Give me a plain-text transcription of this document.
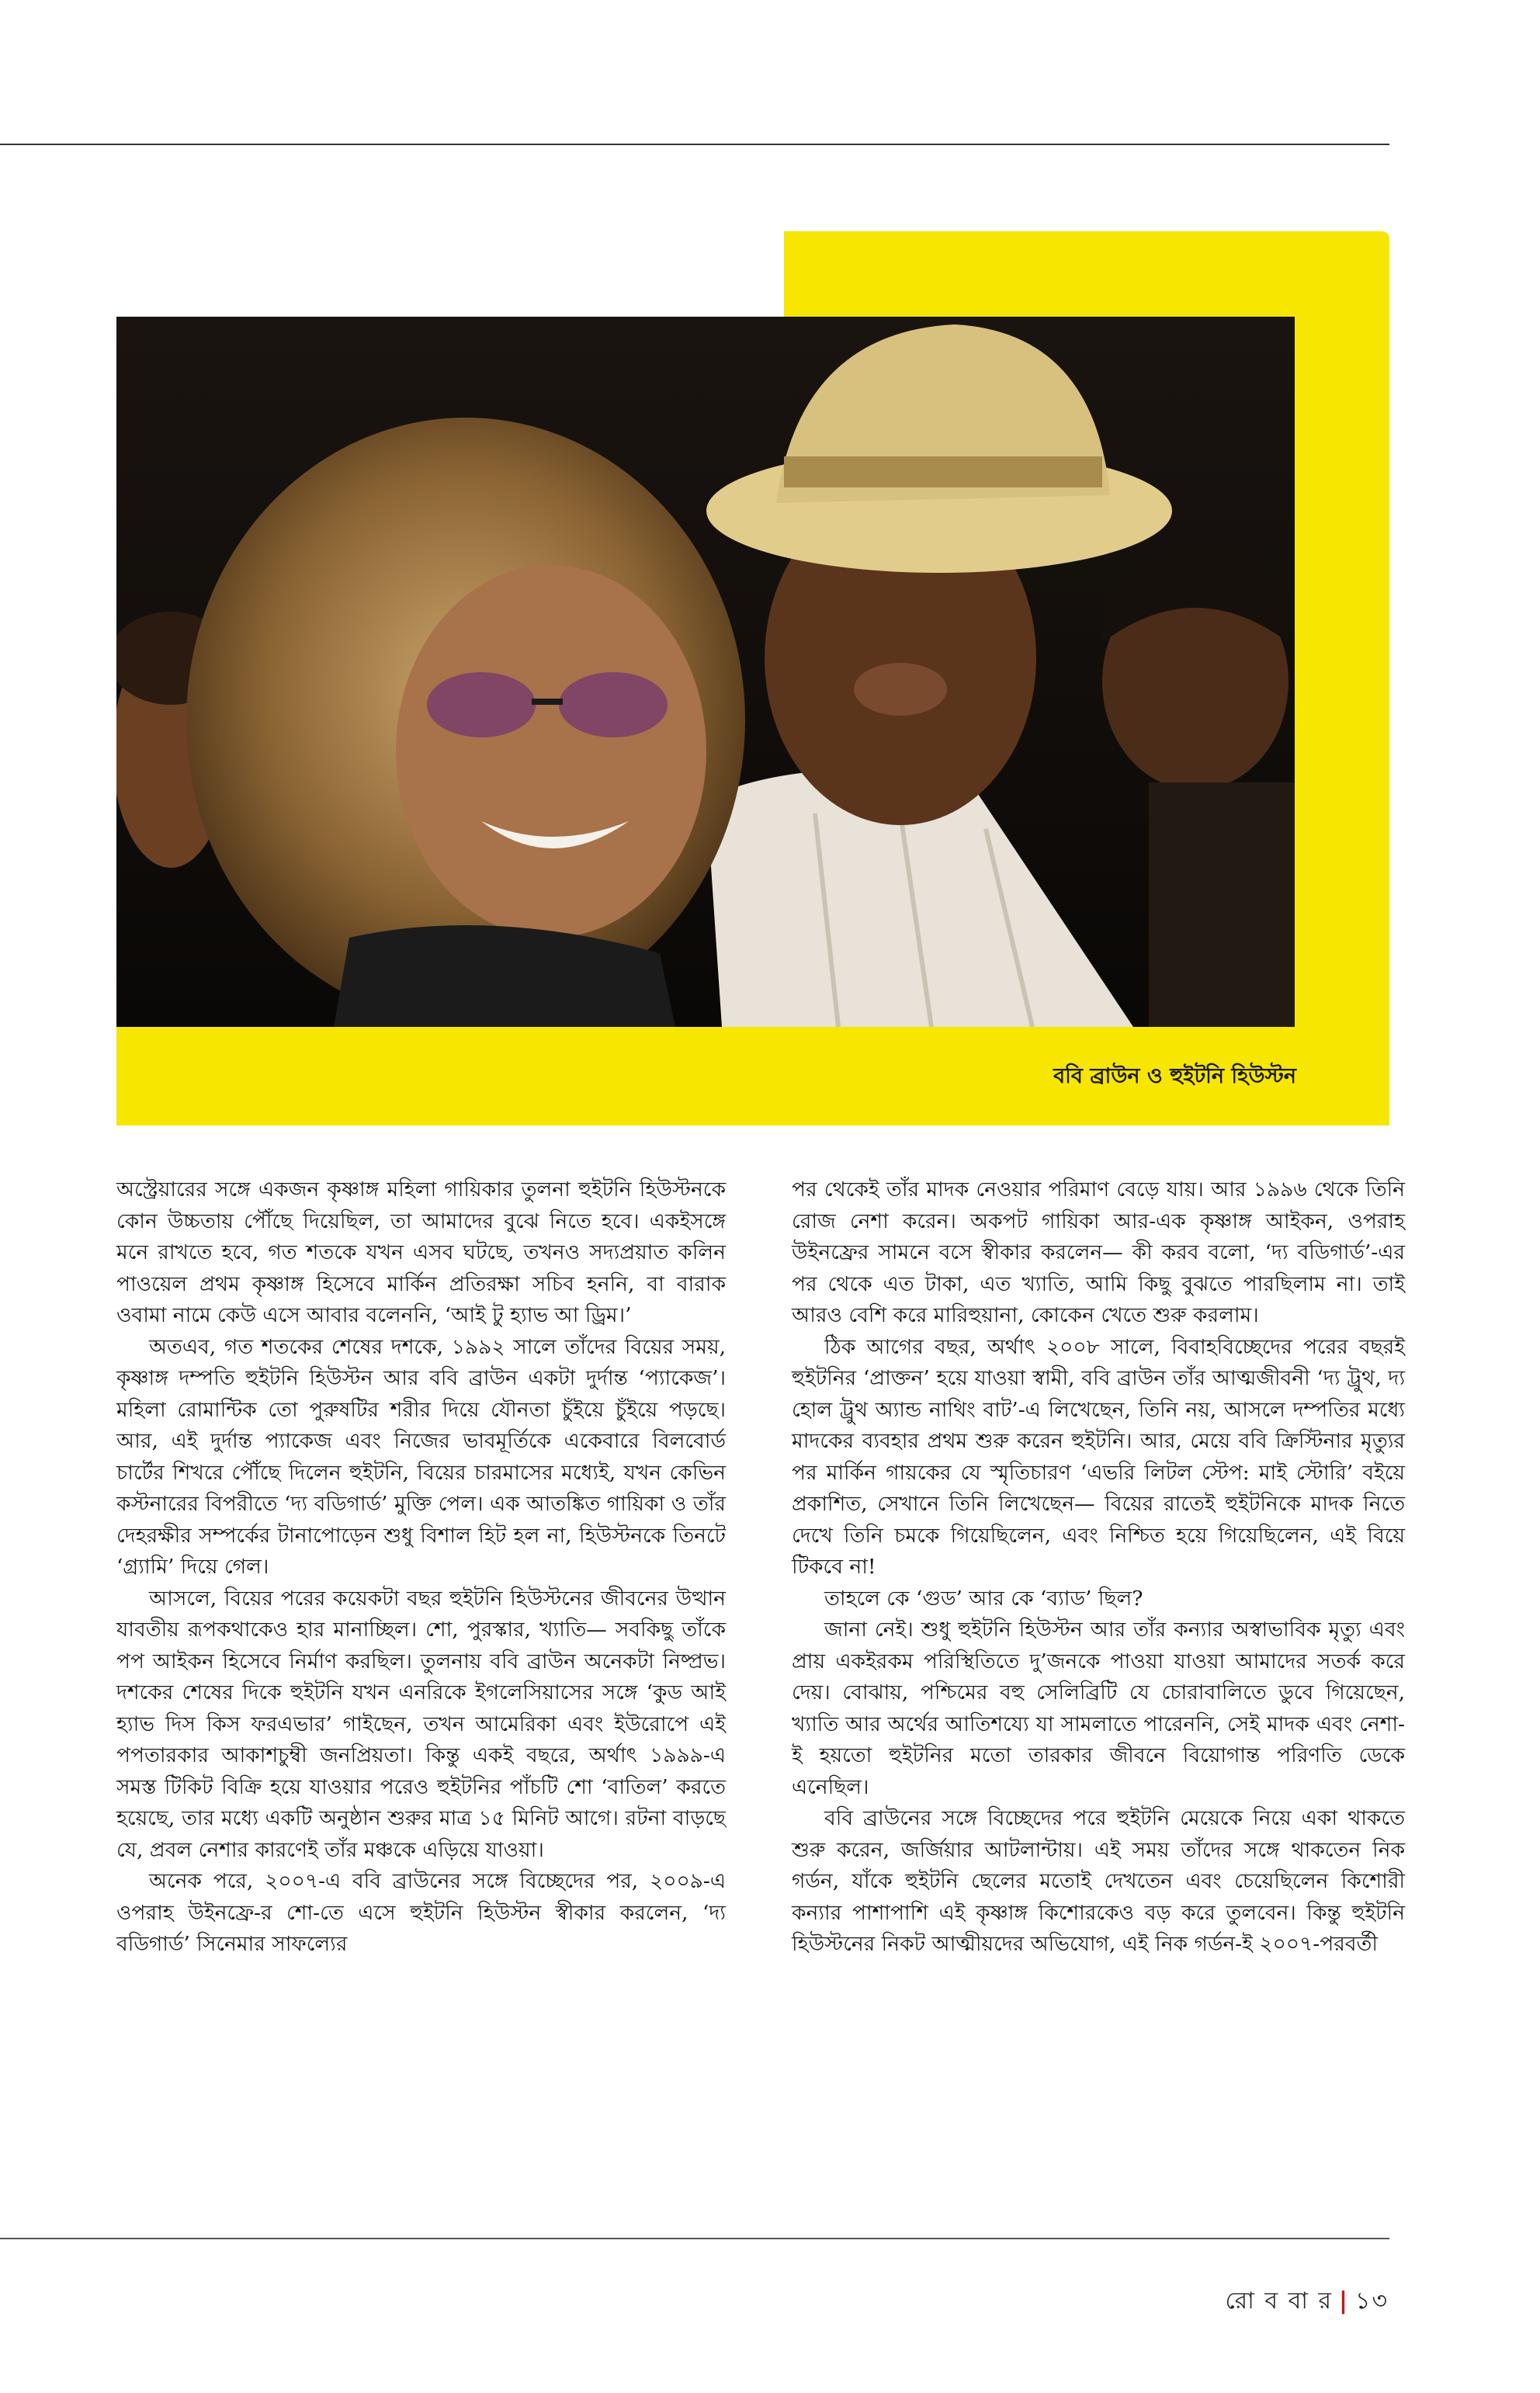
ববি ব্রাউন ও হুইটনি হিউস্টন

অস্ট্রেয়ারের সঙ্গে একজন কৃষ্ণাঙ্গ মহিলা গায়িকার তুলনা হুইটনি হিউস্টনকে কোন উচ্চতায় পৌঁছে দিয়েছিল, তা আমাদের বুঝে নিতে হবে। একইসঙ্গে মনে রাখতে হবে, গত শতকে যখন এসব ঘটছে, তখনও সদ্যপ্রয়াত কলিন পাওয়েল প্রথম কৃষ্ণাঙ্গ হিসেবে মার্কিন প্রতিরক্ষা সচিব হননি, বা বারাক ওবামা নামে কেউ এসে আবার বলেননি, ‘আই টু হ্যাভ আ ড্রিম।’

অতএব, গত শতকের শেষের দশকে, ১৯৯২ সালে তাঁদের বিয়ের সময়, কৃষ্ণাঙ্গ দম্পতি হুইটনি হিউস্টন আর ববি ব্রাউন একটা দুর্দান্ত ‘প্যাকেজ’। মহিলা রোমান্টিক তো পুরুষটির শরীর দিয়ে যৌনতা চুঁইয়ে চুঁইয়ে পড়ছে। আর, এই দুর্দান্ত প্যাকেজ এবং নিজের ভাবমূর্তিকে একেবারে বিলবোর্ড চার্টের শিখরে পৌঁছে দিলেন হুইটনি, বিয়ের চারমাসের মধ্যেই, যখন কেভিন কস্টনারের বিপরীতে ‘দ্য বডিগার্ড’ মুক্তি পেল। এক আতঙ্কিত গায়িকা ও তাঁর দেহরক্ষীর সম্পর্কের টানাপোড়েন শুধু বিশাল হিট হল না, হিউস্টনকে তিনটে ‘গ্র্যামি’ দিয়ে গেল।

আসলে, বিয়ের পরের কয়েকটা বছর হুইটনি হিউস্টনের জীবনের উত্থান যাবতীয় রূপকথাকেও হার মানাচ্ছিল। শো, পুরস্কার, খ্যাতি— সবকিছু তাঁকে পপ আইকন হিসেবে নির্মাণ করছিল। তুলনায় ববি ব্রাউন অনেকটা নিষ্প্রভ। দশকের শেষের দিকে হুইটনি যখন এনরিকে ইগলেসিয়াসের সঙ্গে ‘কুড আই হ্যাভ দিস কিস ফরএভার’ গাইছেন, তখন আমেরিকা এবং ইউরোপে এই পপতারকার আকাশচুম্বী জনপ্রিয়তা। কিন্তু একই বছরে, অর্থাৎ ১৯৯৯-এ সমস্ত টিকিট বিক্রি হয়ে যাওয়ার পরেও হুইটনির পাঁচটি শো ‘বাতিল’ করতে হয়েছে, তার মধ্যে একটি অনুষ্ঠান শুরুর মাত্র ১৫ মিনিট আগে। রটনা বাড়ছে যে, প্রবল নেশার কারণেই তাঁর মঞ্চকে এড়িয়ে যাওয়া।

অনেক পরে, ২০০৭-এ ববি ব্রাউনের সঙ্গে বিচ্ছেদের পর, ২০০৯-এ ওপরাহ উইনফ্রে-র শো-তে এসে হুইটনি হিউস্টন স্বীকার করলেন, ‘দ্য বডিগার্ড’ সিনেমার সাফল্যের

পর থেকেই তাঁর মাদক নেওয়ার পরিমাণ বেড়ে যায়। আর ১৯৯৬ থেকে তিনি রোজ নেশা করেন। অকপট গায়িকা আর-এক কৃষ্ণাঙ্গ আইকন, ওপরাহ উইনফ্রের সামনে বসে স্বীকার করলেন— কী করব বলো, ‘দ্য বডিগার্ড’-এর পর থেকে এত টাকা, এত খ্যাতি, আমি কিছু বুঝতে পারছিলাম না। তাই আরও বেশি করে মারিহুয়ানা, কোকেন খেতে শুরু করলাম।

ঠিক আগের বছর, অর্থাৎ ২০০৮ সালে, বিবাহবিচ্ছেদের পরের বছরই হুইটনির ‘প্রাক্তন’ হয়ে যাওয়া স্বামী, ববি ব্রাউন তাঁর আত্মজীবনী ‘দ্য ট্রুথ, দ্য হোল ট্রুথ অ্যান্ড নাথিং বাট’-এ লিখেছেন, তিনি নয়, আসলে দম্পতির মধ্যে মাদকের ব্যবহার প্রথম শুরু করেন হুইটনি। আর, মেয়ে ববি ক্রিস্টিনার মৃত্যুর পর মার্কিন গায়কের যে স্মৃতিচারণ ‘এভরি লিটল স্টেপ: মাই স্টোরি’ বইয়ে প্রকাশিত, সেখানে তিনি লিখেছেন— বিয়ের রাতেই হুইটনিকে মাদক নিতে দেখে তিনি চমকে গিয়েছিলেন, এবং নিশ্চিত হয়ে গিয়েছিলেন, এই বিয়ে টিকবে না!

তাহলে কে ‘গুড’ আর কে ‘ব্যাড’ ছিল?

জানা নেই। শুধু হুইটনি হিউস্টন আর তাঁর কন্যার অস্বাভাবিক মৃত্যু এবং প্রায় একইরকম পরিস্থিতিতে দু’জনকে পাওয়া যাওয়া আমাদের সতর্ক করে দেয়। বোঝায়, পশ্চিমের বহু সেলিব্রিটি যে চোরাবালিতে ডুবে গিয়েছেন, খ্যাতি আর অর্থের আতিশয্যে যা সামলাতে পারেননি, সেই মাদক এবং নেশা-ই হয়তো হুইটনির মতো তারকার জীবনে বিয়োগান্ত পরিণতি ডেকে এনেছিল।

ববি ব্রাউনের সঙ্গে বিচ্ছেদের পরে হুইটনি মেয়েকে নিয়ে একা থাকতে শুরু করেন, জর্জিয়ার আটলান্টায়। এই সময় তাঁদের সঙ্গে থাকতেন নিক গর্ডন, যাঁকে হুইটনি ছেলের মতোই দেখতেন এবং চেয়েছিলেন কিশোরী কন্যার পাশাপাশি এই কৃষ্ণাঙ্গ কিশোরকেও বড় করে তুলবেন। কিন্তু হুইটনি হিউস্টনের নিকট আত্মীয়দের অভিযোগ, এই নিক গর্ডন-ই ২০০৭-পরবর্তী

রো ব বা র | ১৩
